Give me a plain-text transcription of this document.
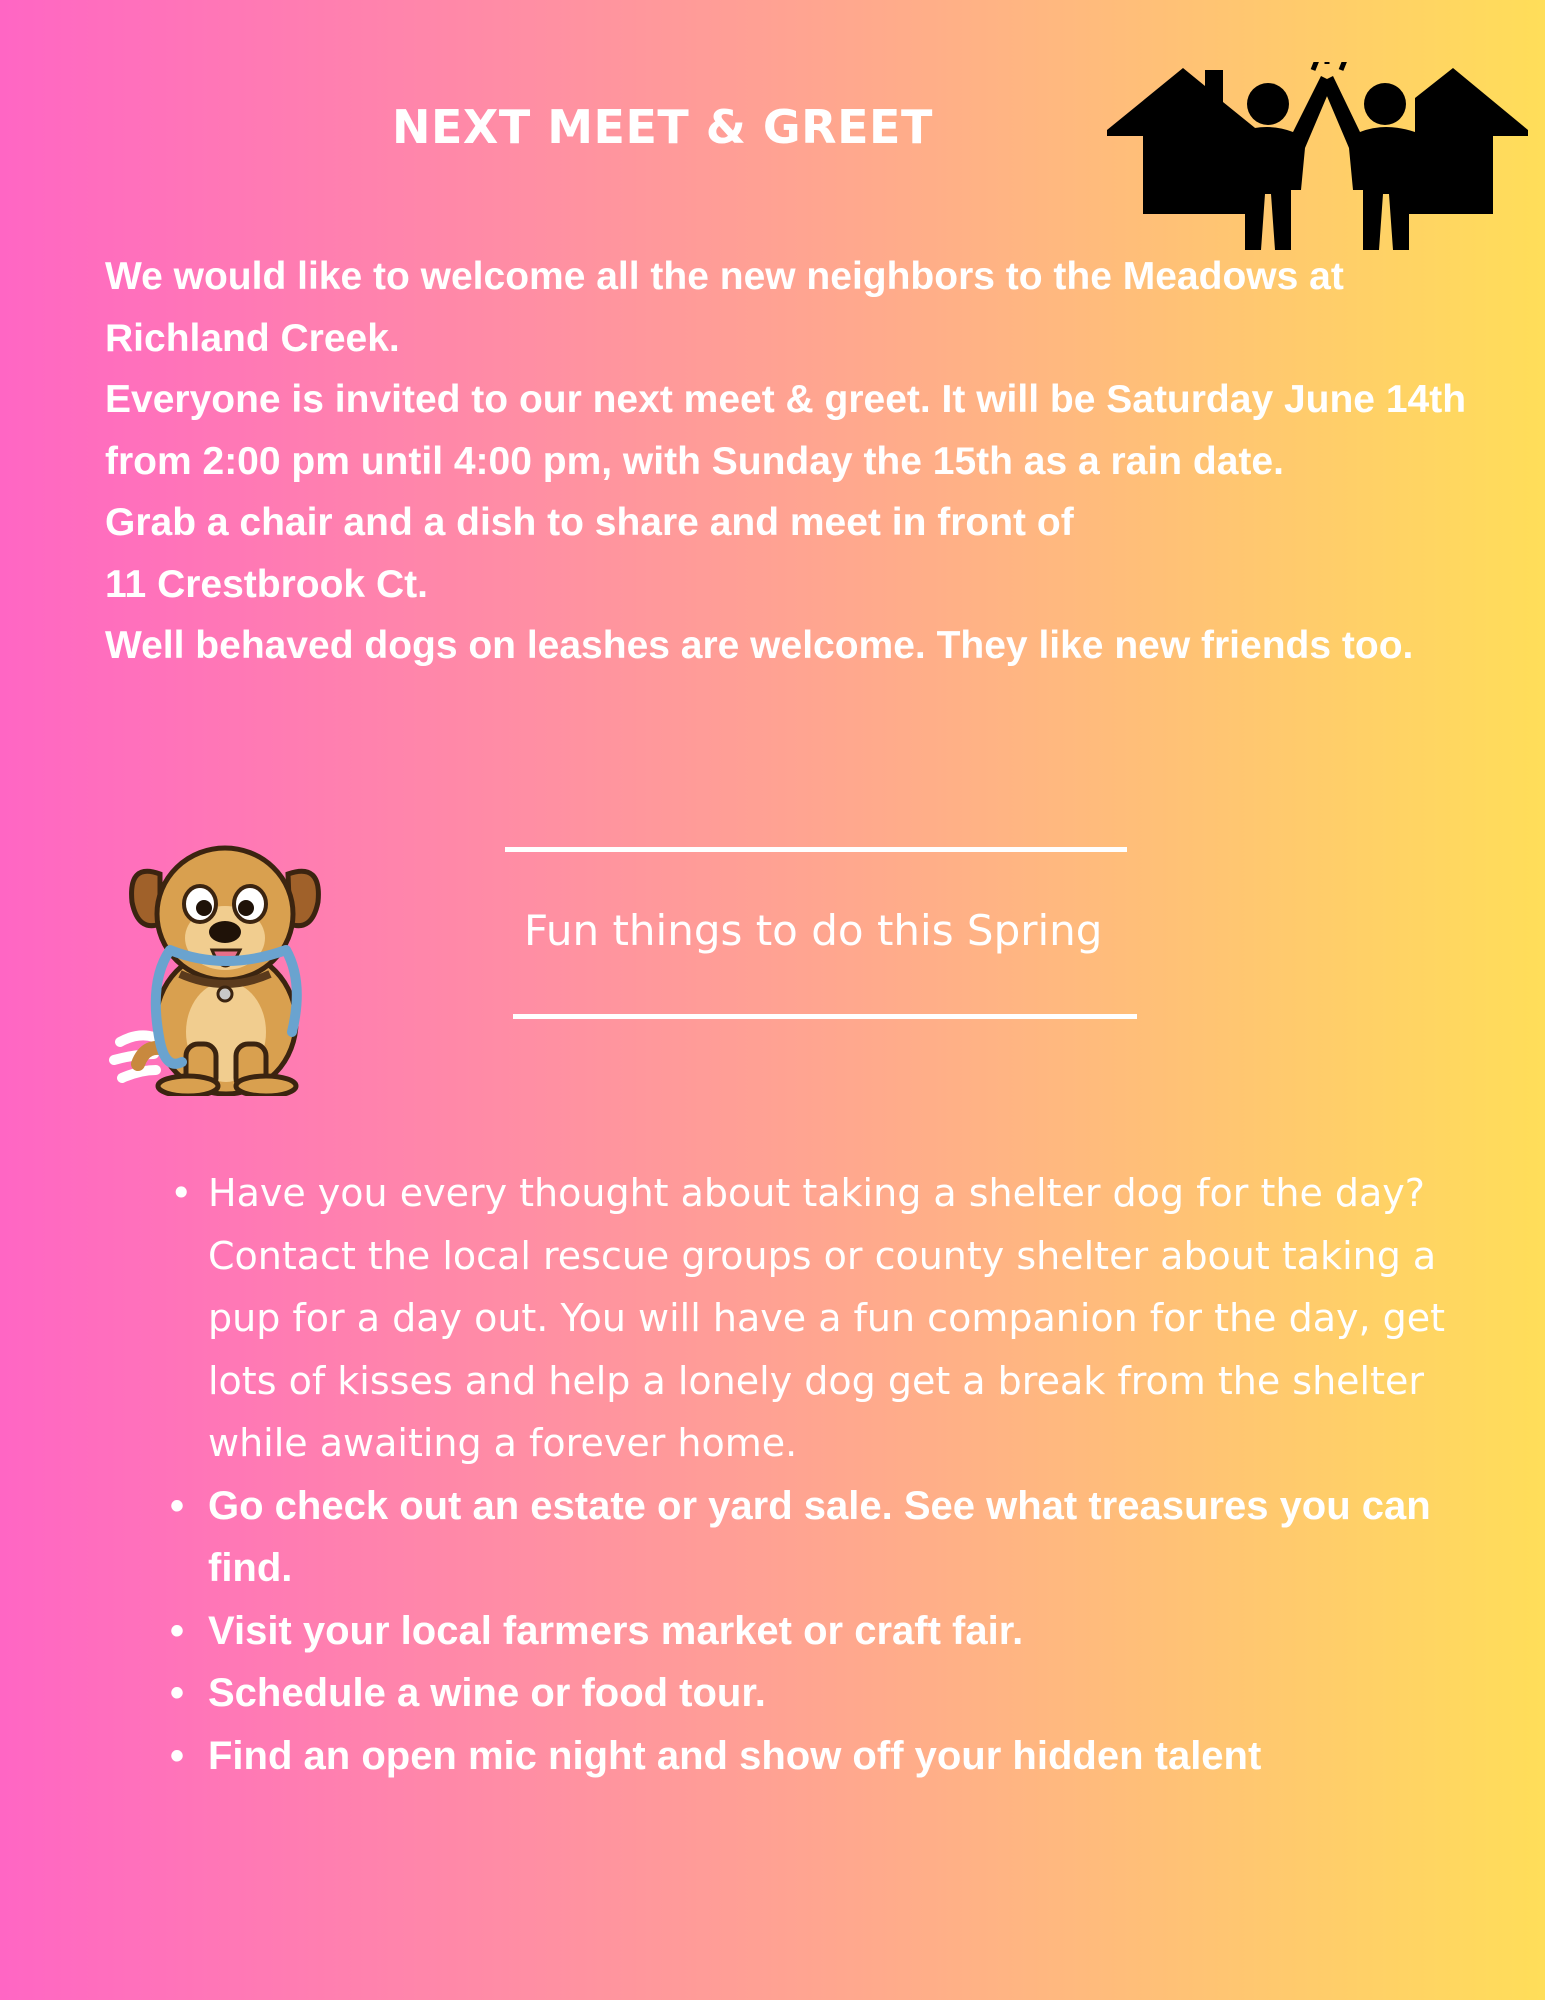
NEXT MEET & GREET

We would like to welcome all the new neighbors to the Meadows at Richland Creek.

Everyone is invited to our next meet & greet. It will be Saturday June 14th from 2:00 pm until 4:00 pm, with Sunday the 15th as a rain date.

Grab a chair and a dish to share and meet in front of

11 Crestbrook Ct.

Well behaved dogs on leashes are welcome. They like new friends too.

Fun things to do this Spring
• Have you every thought about taking a shelter dog for the day? Contact the local rescue groups or county shelter about taking a pup for a day out. You will have a fun companion for the day, get lots of kisses and help a lonely dog get a break from the shelter while awaiting a forever home.
• Go check out an estate or yard sale. See what treasures you can find.
• Visit your local farmers market or craft fair.
• Schedule a wine or food tour.
• Find an open mic night and show off your hidden talent
